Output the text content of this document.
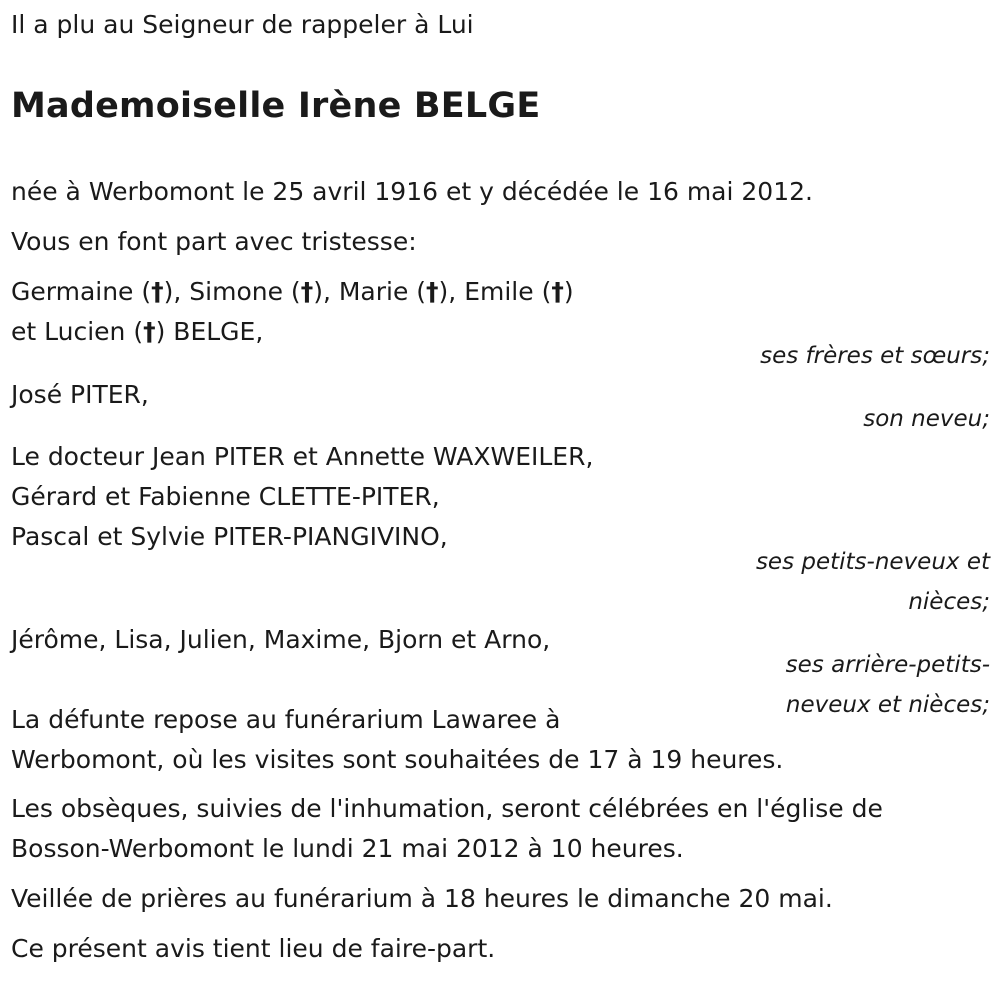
Il a plu au Seigneur de rappeler à Lui
Mademoiselle Irène BELGE
née à Werbomont le 25 avril 1916 et y décédée le 16 mai 2012.
Vous en font part avec tristesse:
Germaine (†), Simone (†), Marie (†), Emile (†)
et Lucien (†) BELGE,
ses frères et sœurs;
José PITER,
son neveu;
Le docteur Jean PITER et Annette WAXWEILER,
Gérard et Fabienne CLETTE-PITER,
Pascal et Sylvie PITER-PIANGIVINO,
ses petits-neveux et
nièces;
Jérôme, Lisa, Julien, Maxime, Bjorn et Arno,
ses arrière-petits-
neveux et nièces;
La défunte repose au funérarium Lawaree à
Werbomont, où les visites sont souhaitées de 17 à 19 heures.
Les obsèques, suivies de l'inhumation, seront célébrées en l'église de
Bosson-Werbomont le lundi 21 mai 2012 à 10 heures.
Veillée de prières au funérarium à 18 heures le dimanche 20 mai.
Ce présent avis tient lieu de faire-part.
